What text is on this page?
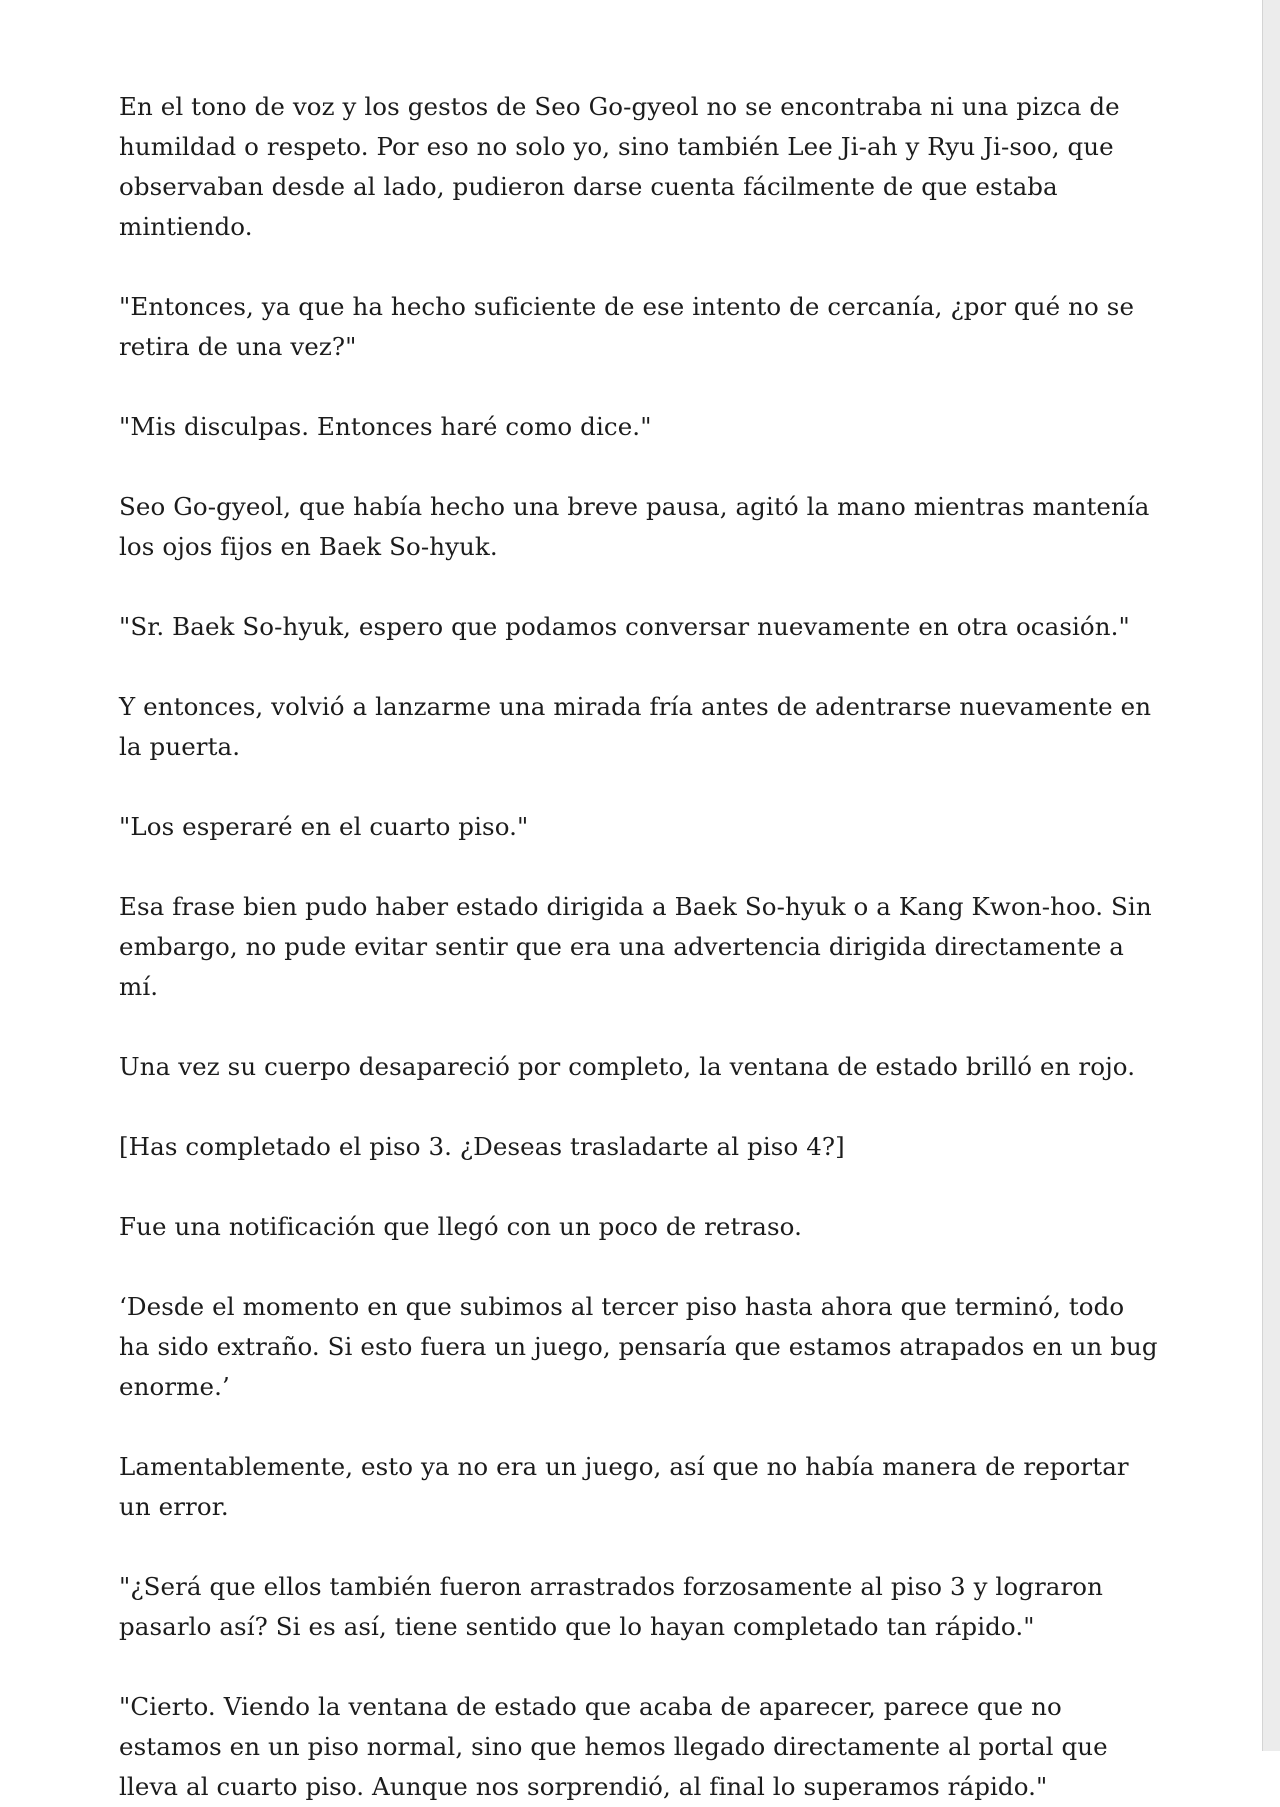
En el tono de voz y los gestos de Seo Go-gyeol no se encontraba ni una pizca de humildad o respeto. Por eso no solo yo, sino también Lee Ji-ah y Ryu Ji-soo, que observaban desde al lado, pudieron darse cuenta fácilmente de que estaba mintiendo.

"Entonces, ya que ha hecho suficiente de ese intento de cercanía, ¿por qué no se retira de una vez?"

"Mis disculpas. Entonces haré como dice."

Seo Go-gyeol, que había hecho una breve pausa, agitó la mano mientras mantenía los ojos fijos en Baek So-hyuk.

"Sr. Baek So-hyuk, espero que podamos conversar nuevamente en otra ocasión."

Y entonces, volvió a lanzarme una mirada fría antes de adentrarse nuevamente en la puerta.

"Los esperaré en el cuarto piso."

Esa frase bien pudo haber estado dirigida a Baek So-hyuk o a Kang Kwon-hoo. Sin embargo, no pude evitar sentir que era una advertencia dirigida directamente a mí.

Una vez su cuerpo desapareció por completo, la ventana de estado brilló en rojo.

[Has completado el piso 3. ¿Deseas trasladarte al piso 4?]

Fue una notificación que llegó con un poco de retraso.

‘Desde el momento en que subimos al tercer piso hasta ahora que terminó, todo ha sido extraño. Si esto fuera un juego, pensaría que estamos atrapados en un bug enorme.’

Lamentablemente, esto ya no era un juego, así que no había manera de reportar un error.

"¿Será que ellos también fueron arrastrados forzosamente al piso 3 y lograron pasarlo así? Si es así, tiene sentido que lo hayan completado tan rápido."

"Cierto. Viendo la ventana de estado que acaba de aparecer, parece que no estamos en un piso normal, sino que hemos llegado directamente al portal que lleva al cuarto piso. Aunque nos sorprendió, al final lo superamos rápido."
